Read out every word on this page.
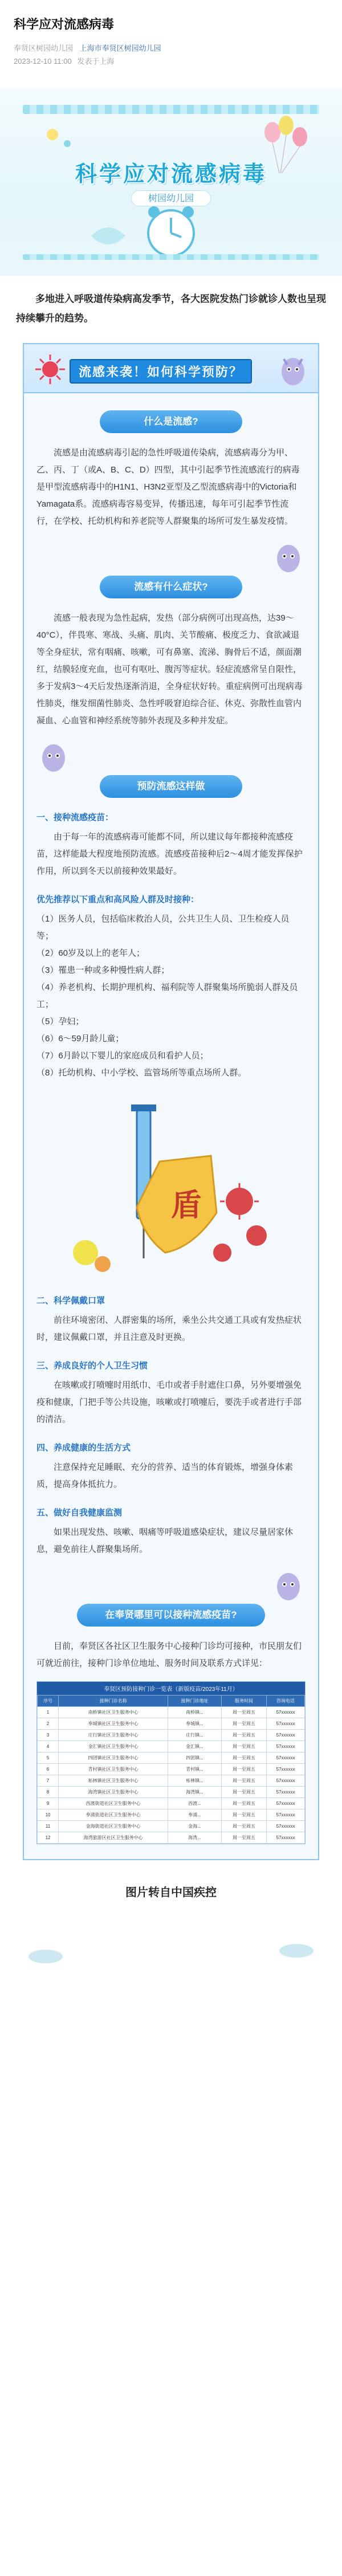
科学应对流感病毒
奉贤区树园幼儿园 上海市奉贤区树园幼儿园
2023-12-10 11:00 发表于上海
科学应对流感病毒
树园幼儿园

多地进入呼吸道传染病高发季节，各大医院发热门诊就诊人数也呈现持续攀升的趋势。

流感来袭！如何科学预防？
什么是流感?

流感是由流感病毒引起的急性呼吸道传染病，流感病毒分为甲、乙、丙、丁（或A、B、C、D）四型，其中引起季节性流感流行的病毒是甲型流感病毒中的H1N1、H3N2亚型及乙型流感病毒中的Victoria和Yamagata系。流感病毒容易变异，传播迅速，每年可引起季节性流行，在学校、托幼机构和养老院等人群聚集的场所可发生暴发疫情。

流感有什么症状?

流感一般表现为急性起病，发热（部分病例可出现高热，达39～40°C），伴畏寒、寒战、头痛、肌肉、关节酸痛、极度乏力、食欲减退等全身症状，常有咽痛、咳嗽，可有鼻塞、流涕、胸骨后不适，颜面潮红，结膜轻度充血，也可有呕吐、腹泻等症状。轻症流感常呈自限性，多于发病3～4天后发热逐渐消退，全身症状好转。重症病例可出现病毒性肺炎，继发细菌性肺炎、急性呼吸窘迫综合征、休克、弥散性血管内凝血、心血管和神经系统等肺外表现及多种并发症。

预防流感这样做
一、接种流感疫苗：

由于每一年的流感病毒可能都不同，所以建议每年都接种流感疫苗，这样能最大程度地预防流感。流感疫苗接种后2～4周才能发挥保护作用，所以到冬天以前接种效果最好。

优先推荐以下重点和高风险人群及时接种：

（1）医务人员，包括临床救治人员，公共卫生人员、卫生检疫人员等；

（2）60岁及以上的老年人；

（3）罹患一种或多种慢性病人群；

（4）养老机构、长期护理机构、福利院等人群聚集场所脆弱人群及员工；

（5）孕妇；

（6）6～59月龄儿童；

（7）6月龄以下婴儿的家庭成员和看护人员；

（8）托幼机构、中小学校、监管场所等重点场所人群。

盾
二、科学佩戴口罩

前往环境密闭、人群密集的场所，乘坐公共交通工具或有发热症状时，建议佩戴口罩，并且注意及时更换。

三、养成良好的个人卫生习惯

在咳嗽或打喷嚏时用纸巾、毛巾或者手肘遮住口鼻，另外要增强免疫和健康，门把手等公共设施，咳嗽或打喷嚏后，要洗手或者进行手部的清洁。

四、养成健康的生活方式

注意保持充足睡眠、充分的营养、适当的体育锻炼，增强身体素质，提高身体抵抗力。

五、做好自我健康监测

如果出现发热、咳嗽、咽痛等呼吸道感染症状，建议尽量居家休息，避免前往人群聚集场所。

在奉贤哪里可以接种流感疫苗?

目前，奉贤区各社区卫生服务中心接种门诊均可接种，市民朋友们可就近前往，接种门诊单位地址、服务时间及联系方式详见：

奉贤区预防接种门诊一览表（新版疫苗/2023年11月）
序号	接种门诊名称	接种门诊地址	服务时间	咨询电话
1	南桥镇社区卫生服务中心	南桥镇...	周一至周五	57xxxxxx
2	奉城镇社区卫生服务中心	奉城镇...	周一至周五	57xxxxxx
3	庄行镇社区卫生服务中心	庄行镇...	周一至周五	57xxxxxx
4	金汇镇社区卫生服务中心	金汇镇...	周一至周五	57xxxxxx
5	四团镇社区卫生服务中心	四团镇...	周一至周五	57xxxxxx
6	青村镇社区卫生服务中心	青村镇...	周一至周五	57xxxxxx
7	柘林镇社区卫生服务中心	柘林镇...	周一至周五	57xxxxxx
8	海湾镇社区卫生服务中心	海湾镇...	周一至周五	57xxxxxx
9	西渡街道社区卫生服务中心	西渡...	周一至周五	57xxxxxx
10	奉浦街道社区卫生服务中心	奉浦...	周一至周五	57xxxxxx
11	金海街道社区卫生服务中心	金海...	周一至周五	57xxxxxx
12	海湾旅游区社区卫生服务中心	海湾...	周一至周五	57xxxxxx
图片转自中国疾控
